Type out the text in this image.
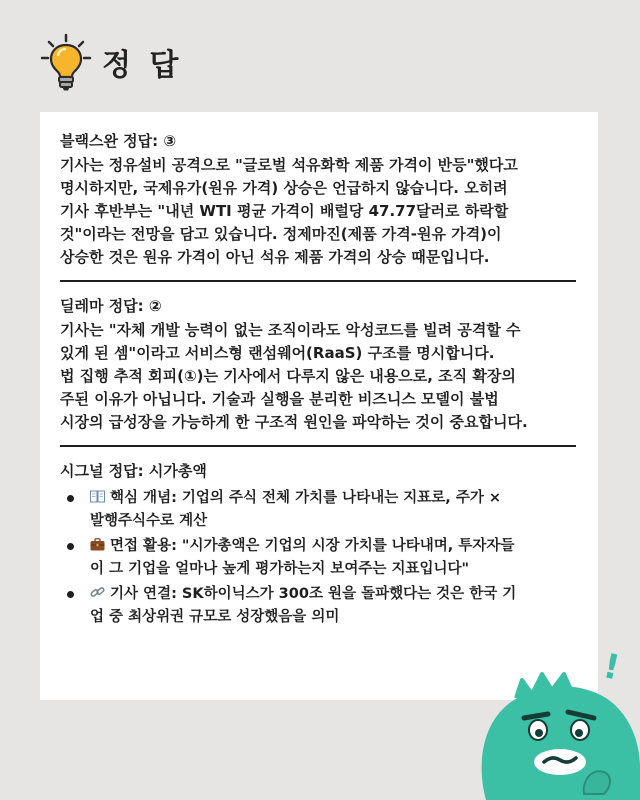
정 답

블랙스완 정답: ③

기사는 정유설비 공격으로 "글로벌 석유화학 제품 가격이 반등"했다고
명시하지만, 국제유가(원유 가격) 상승은 언급하지 않습니다. 오히려
기사 후반부는 "내년 WTI 평균 가격이 배럴당 47.77달러로 하락할
것"이라는 전망을 담고 있습니다. 정제마진(제품 가격-원유 가격)이
상승한 것은 원유 가격이 아닌 석유 제품 가격의 상승 때문입니다.

딜레마 정답: ②

기사는 "자체 개발 능력이 없는 조직이라도 악성코드를 빌려 공격할 수
있게 된 셈"이라고 서비스형 랜섬웨어(RaaS) 구조를 명시합니다.
법 집행 추적 회피(①)는 기사에서 다루지 않은 내용으로, 조직 확장의
주된 이유가 아닙니다. 기술과 실행을 분리한 비즈니스 모델이 불법
시장의 급성장을 가능하게 한 구조적 원인을 파악하는 것이 중요합니다.

시그널 정답: 시가총액

핵심 개념: 기업의 주식 전체 가치를 나타내는 지표로, 주가 ×
발행주식수로 계산
면접 활용: "시가총액은 기업의 시장 가치를 나타내며, 투자자들
이 그 기업을 얼마나 높게 평가하는지 보여주는 지표입니다"
기사 연결: SK하이닉스가 300조 원을 돌파했다는 것은 한국 기
업 중 최상위권 규모로 성장했음을 의미
!
